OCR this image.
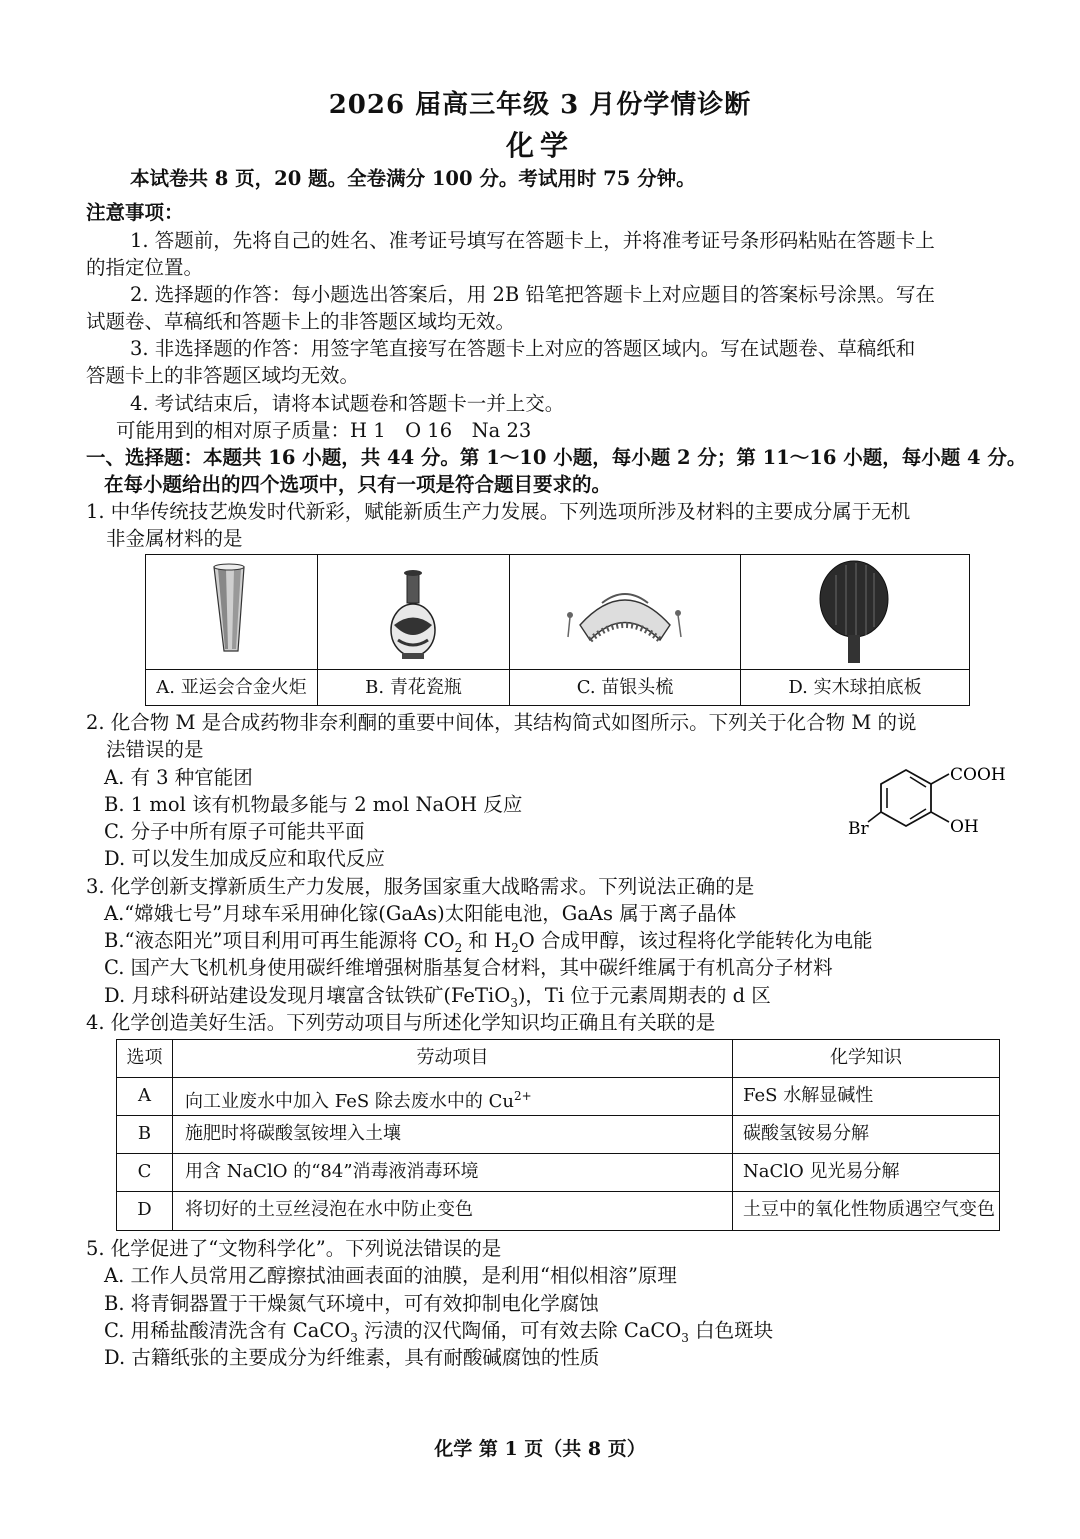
2026 届高三年级 3 月份学情诊断
化学
本试卷共 8 页，20 题。全卷满分 100 分。考试用时 75 分钟。
注意事项：
1. 答题前，先将自己的姓名、准考证号填写在答题卡上，并将准考证号条形码粘贴在答题卡上
的指定位置。
2. 选择题的作答：每小题选出答案后，用 2B 铅笔把答题卡上对应题目的答案标号涂黑。写在
试题卷、草稿纸和答题卡上的非答题区域均无效。
3. 非选择题的作答：用签字笔直接写在答题卡上对应的答题区域内。写在试题卷、草稿纸和
答题卡上的非答题区域均无效。
4. 考试结束后，请将本试题卷和答题卡一并上交。
可能用到的相对原子质量：H 1　O 16　Na 23
一、选择题：本题共 16 小题，共 44 分。第 1～10 小题，每小题 2 分；第 11～16 小题，每小题 4 分。
在每小题给出的四个选项中，只有一项是符合题目要求的。
1. 中华传统技艺焕发时代新彩，赋能新质生产力发展。下列选项所涉及材料的主要成分属于无机
非金属材料的是
A. 亚运会合金火炬	B. 青花瓷瓶	C. 苗银头梳	D. 实木球拍底板
2. 化合物 M 是合成药物非奈利酮的重要中间体，其结构简式如图所示。下列关于化合物 M 的说
法错误的是
A. 有 3 种官能团
B. 1 mol 该有机物最多能与 2 mol NaOH 反应
C. 分子中所有原子可能共平面
D. 可以发生加成反应和取代反应
COOH
OH
Br
3. 化学创新支撑新质生产力发展，服务国家重大战略需求。下列说法正确的是
A.“嫦娥七号”月球车采用砷化镓(GaAs)太阳能电池，GaAs 属于离子晶体
B.“液态阳光”项目利用可再生能源将 $CO_2$ 和 $H_2O$ 合成甲醇，该过程将化学能转化为电能
C. 国产大飞机机身使用碳纤维增强树脂基复合材料，其中碳纤维属于有机高分子材料
D. 月球科研站建设发现月壤富含钛铁矿(FeTiO$_3$)，Ti 位于元素周期表的 d 区
4. 化学创造美好生活。下列劳动项目与所述化学知识均正确且有关联的是
选项	劳动项目	化学知识
A	向工业废水中加入 FeS 除去废水中的 $Cu^{2+}$	FeS 水解显碱性
B	施肥时将碳酸氢铵埋入土壤	碳酸氢铵易分解
C	用含 NaClO 的“84”消毒液消毒环境	NaClO 见光易分解
D	将切好的土豆丝浸泡在水中防止变色	土豆中的氧化性物质遇空气变色
5. 化学促进了“文物科学化”。下列说法错误的是
A. 工作人员常用乙醇擦拭油画表面的油膜，是利用“相似相溶”原理
B. 将青铜器置于干燥氮气环境中，可有效抑制电化学腐蚀
C. 用稀盐酸清洗含有 CaCO$_3$ 污渍的汉代陶俑，可有效去除 CaCO$_3$ 白色斑块
D. 古籍纸张的主要成分为纤维素，具有耐酸碱腐蚀的性质
化学 第 1 页（共 8 页）
